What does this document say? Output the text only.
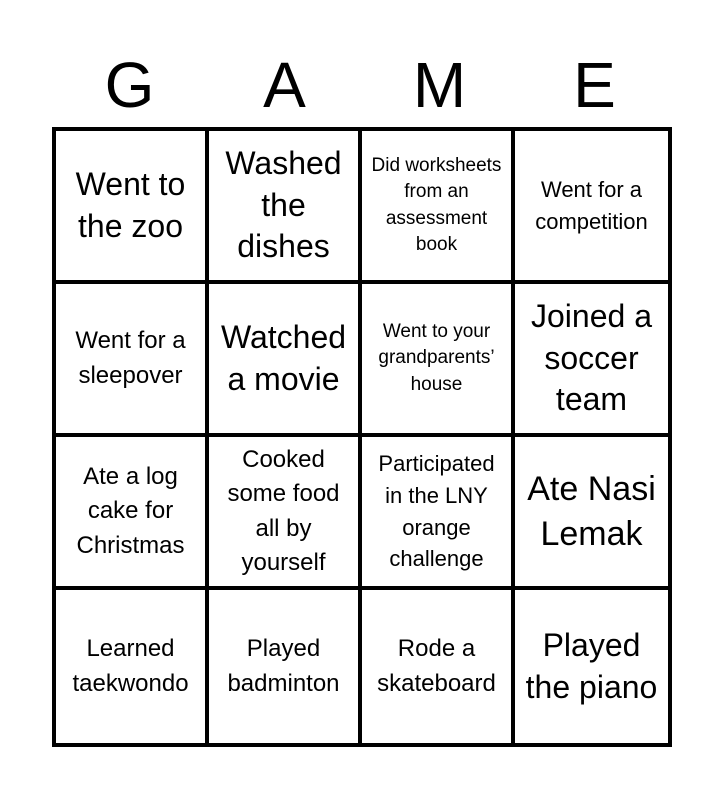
G	A	M	E
Went to the zoo
Washed the dishes
Did worksheets from an assessment book
Went for a competition
Went for a sleepover
Watched a movie
Went to your grandparents’ house
Joined a soccer team
Ate a log cake for Christmas
Cooked some food all by yourself
Participated in the LNY orange challenge
Ate Nasi Lemak
Learned taekwondo
Played badminton
Rode a skateboard
Played the piano
